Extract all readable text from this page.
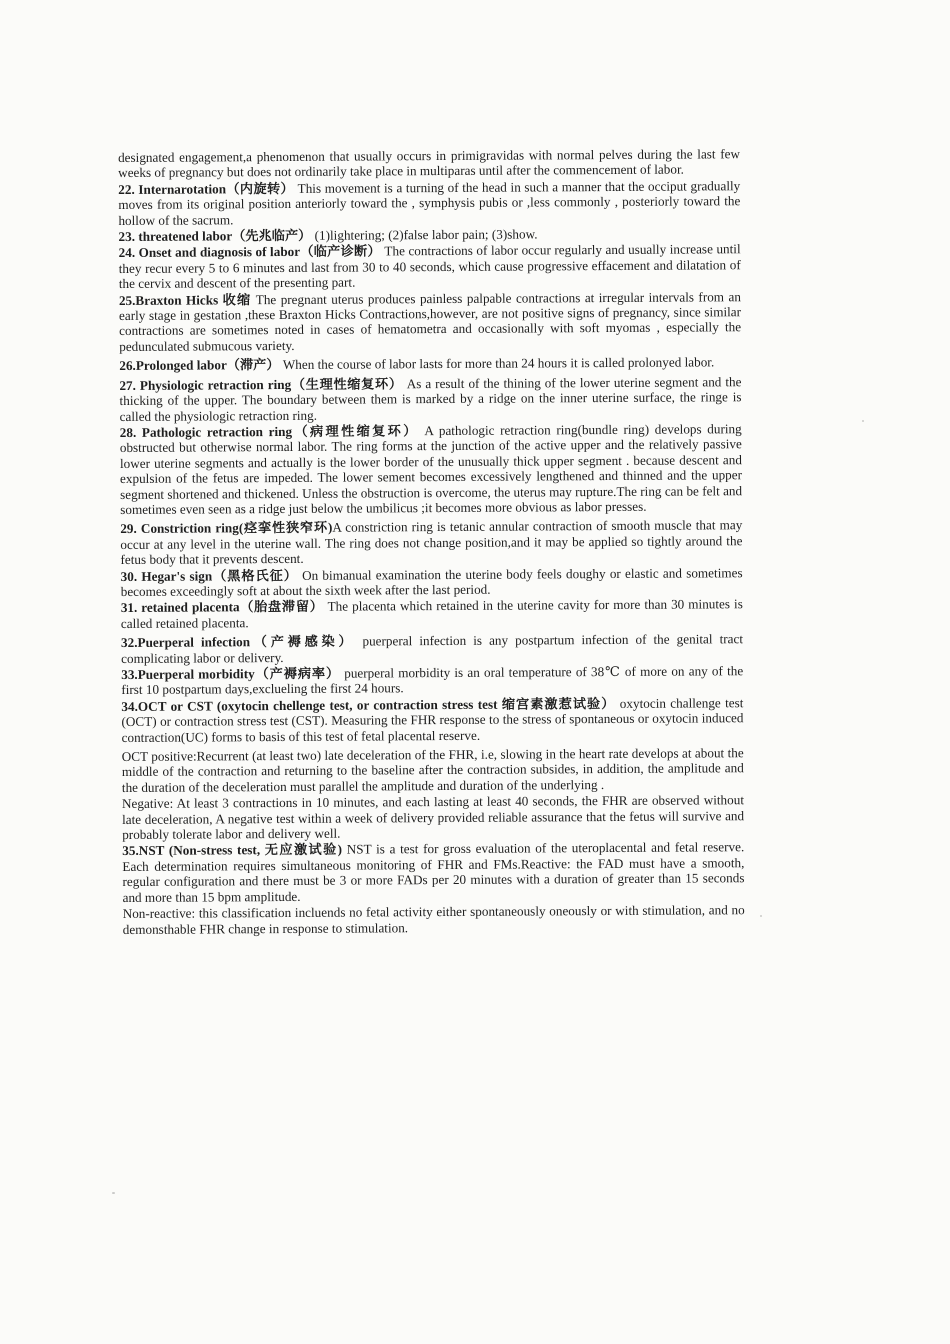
designated engagement,a phenomenon that usually occurs in primigravidas with normal pelves during the last few weeks of pregnancy but does not ordinarily take place in multiparas until after the commencement of labor.

22. Internarotation（内旋转） This movement is a turning of the head in such a manner that the occiput gradually moves from its original position anteriorly toward the , symphysis pubis or ,less commonly , posteriorly toward the hollow of the sacrum.

23. threatened labor（先兆临产） (1)lightering; (2)false labor pain; (3)show.

24. Onset and diagnosis of labor（临产诊断） The contractions of labor occur regularly and usually increase until they recur every 5 to 6 minutes and last from 30 to 40 seconds, which cause progressive effacement and dilatation of the cervix and descent of the presenting part.

25.Braxton Hicks 收缩 The pregnant uterus produces painless palpable contractions at irregular intervals from an early stage in gestation ,these Braxton Hicks Contractions,however, are not positive signs of pregnancy, since similar contractions are sometimes noted in cases of hematometra and occasionally with soft myomas , especially the pedunculated submucous variety.

26.Prolonged labor（滞产） When the course of labor lasts for more than 24 hours it is called prolonyed labor.

27. Physiologic retraction ring（生理性缩复环） As a result of the thining of the lower uterine segment and the thicking of the upper. The boundary between them is marked by a ridge on the inner uterine surface, the ringe is called the physiologic retraction ring.

28. Pathologic retraction ring（病理性缩复环） A pathologic retraction ring(bundle ring) develops during obstructed but otherwise normal labor. The ring forms at the junction of the active upper and the relatively passive lower uterine segments and actually is the lower border of the unusually thick upper segment . because descent and expulsion of the fetus are impeded. The lower sement becomes excessively lengthened and thinned and the upper segment shortened and thickened. Unless the obstruction is overcome, the uterus may rupture.The ring can be felt and sometimes even seen as a ridge just below the umbilicus ;it becomes more obvious as labor presses.

29. Constriction ring(痉挛性狭窄环)A constriction ring is tetanic annular contraction of smooth muscle that may occur at any level in the uterine wall. The ring does not change position,and it may be applied so tightly around the fetus body that it prevents descent.

30. Hegar's sign（黑格氏征） On bimanual examination the uterine body feels doughy or elastic and sometimes becomes exceedingly soft at about the sixth week after the last period.

31. retained placenta（胎盘滞留） The placenta which retained in the uterine cavity for more than 30 minutes is called retained placenta.

32.Puerperal infection（产褥感染） puerperal infection is any postpartum infection of the genital tract complicating labor or delivery.

33.Puerperal morbidity（产褥病率） puerperal morbidity is an oral temperature of 38℃ of more on any of the first 10 postpartum days,exclueling the first 24 hours.

34.OCT or CST (oxytocin chellenge test, or contraction stress test 缩宫素激惹试验） oxytocin challenge test (OCT) or contraction stress test (CST). Measuring the FHR response to the stress of spontaneous or oxytocin induced contraction(UC) forms to basis of this test of fetal placental reserve.

OCT positive:Recurrent (at least two) late deceleration of the FHR, i.e, slowing in the heart rate develops at about the middle of the contraction and returning to the baseline after the contraction subsides, in addition, the amplitude and the duration of the deceleration must parallel the amplitude and duration of the underlying .

Negative: At least 3 contractions in 10 minutes, and each lasting at least 40 seconds, the FHR are observed without late deceleration, A negative test within a week of delivery provided reliable assurance that the fetus will survive and probably tolerate labor and delivery well.

35.NST (Non-stress test, 无应激试验) NST is a test for gross evaluation of the uteroplacental and fetal reserve. Each determination requires simultaneous monitoring of FHR and FMs.Reactive: the FAD must have a smooth, regular configuration and there must be 3 or more FADs per 20 minutes with a duration of greater than 15 seconds and more than 15 bpm amplitude.

Non-reactive: this classification incluends no fetal activity either spontaneously oneously or with stimulation, and no demonsthable FHR change in response to stimulation.
